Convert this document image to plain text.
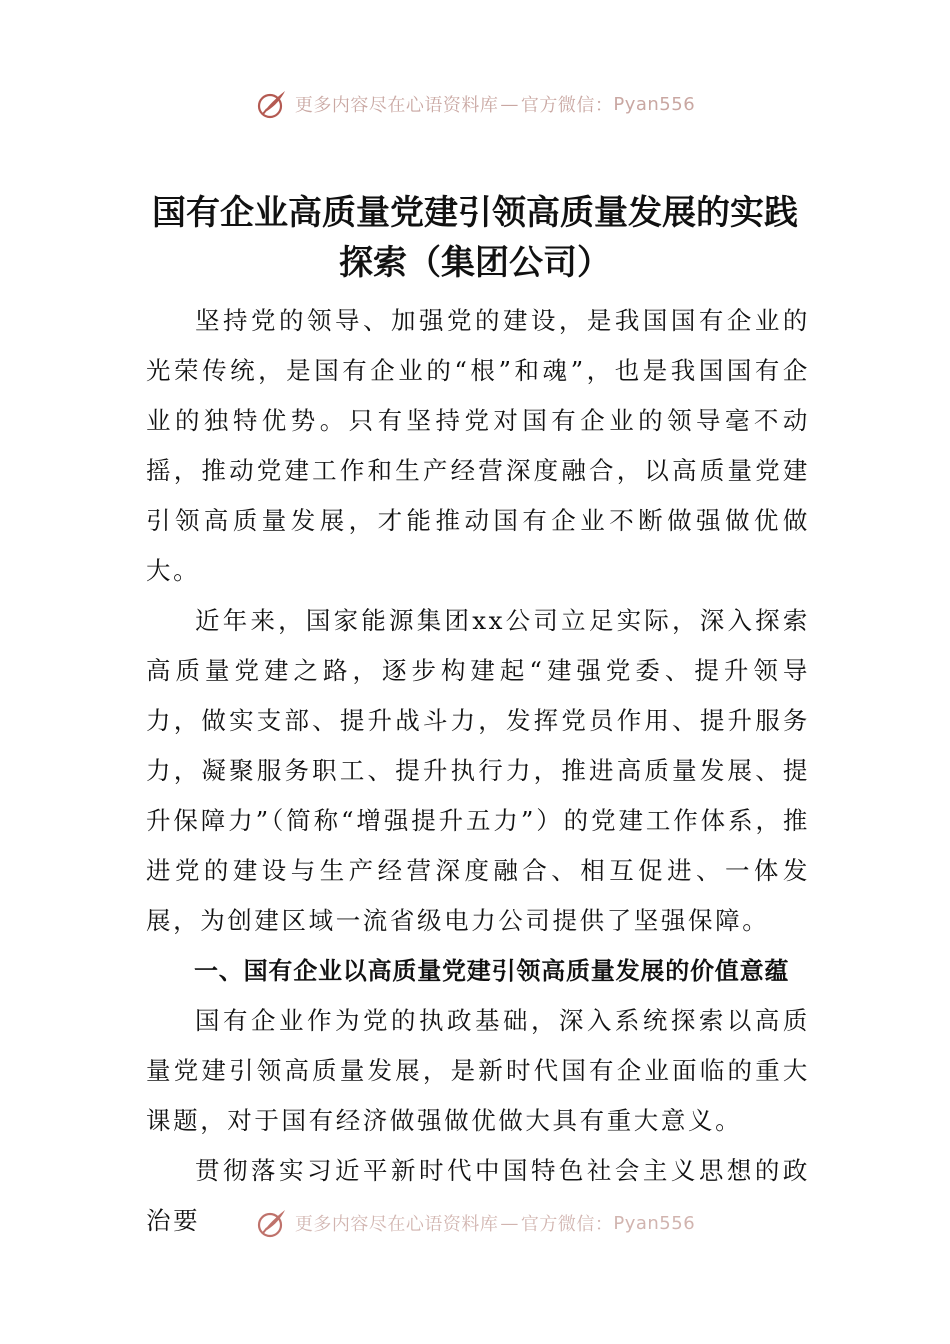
更多内容尽在心语资料库 — 官方微信： Pyan556
国有企业高质量党建引领高质量发展的实践探索（集团公司）

坚持党的领导、加强党的建设，是我国国有企业的光荣传统，是国有企业的“根”和魂”，也是我国国有企业的独特优势。只有坚持党对国有企业的领导毫不动摇，推动党建工作和生产经营深度融合，以高质量党建引领高质量发展，才能推动国有企业不断做强做优做大。

近年来，国家能源集团xx公司立足实际，深入探索高质量党建之路，逐步构建起“建强党委、提升领导力，做实支部、提升战斗力，发挥党员作用、提升服务力，凝聚服务职工、提升执行力，推进高质量发展、提升保障力”（简称“增强提升五力”）的党建工作体系，推进党的建设与生产经营深度融合、相互促进、一体发展，为创建区域一流省级电力公司提供了坚强保障。

一、国有企业以高质量党建引领高质量发展的价值意蕴

国有企业作为党的执政基础，深入系统探索以高质量党建引领高质量发展，是新时代国有企业面临的重大课题，对于国有经济做强做优做大具有重大意义。

贯彻落实习近平新时代中国特色社会主义思想的政治要	更多内容尽在心语资料库 — 官方微信： Pyan556
